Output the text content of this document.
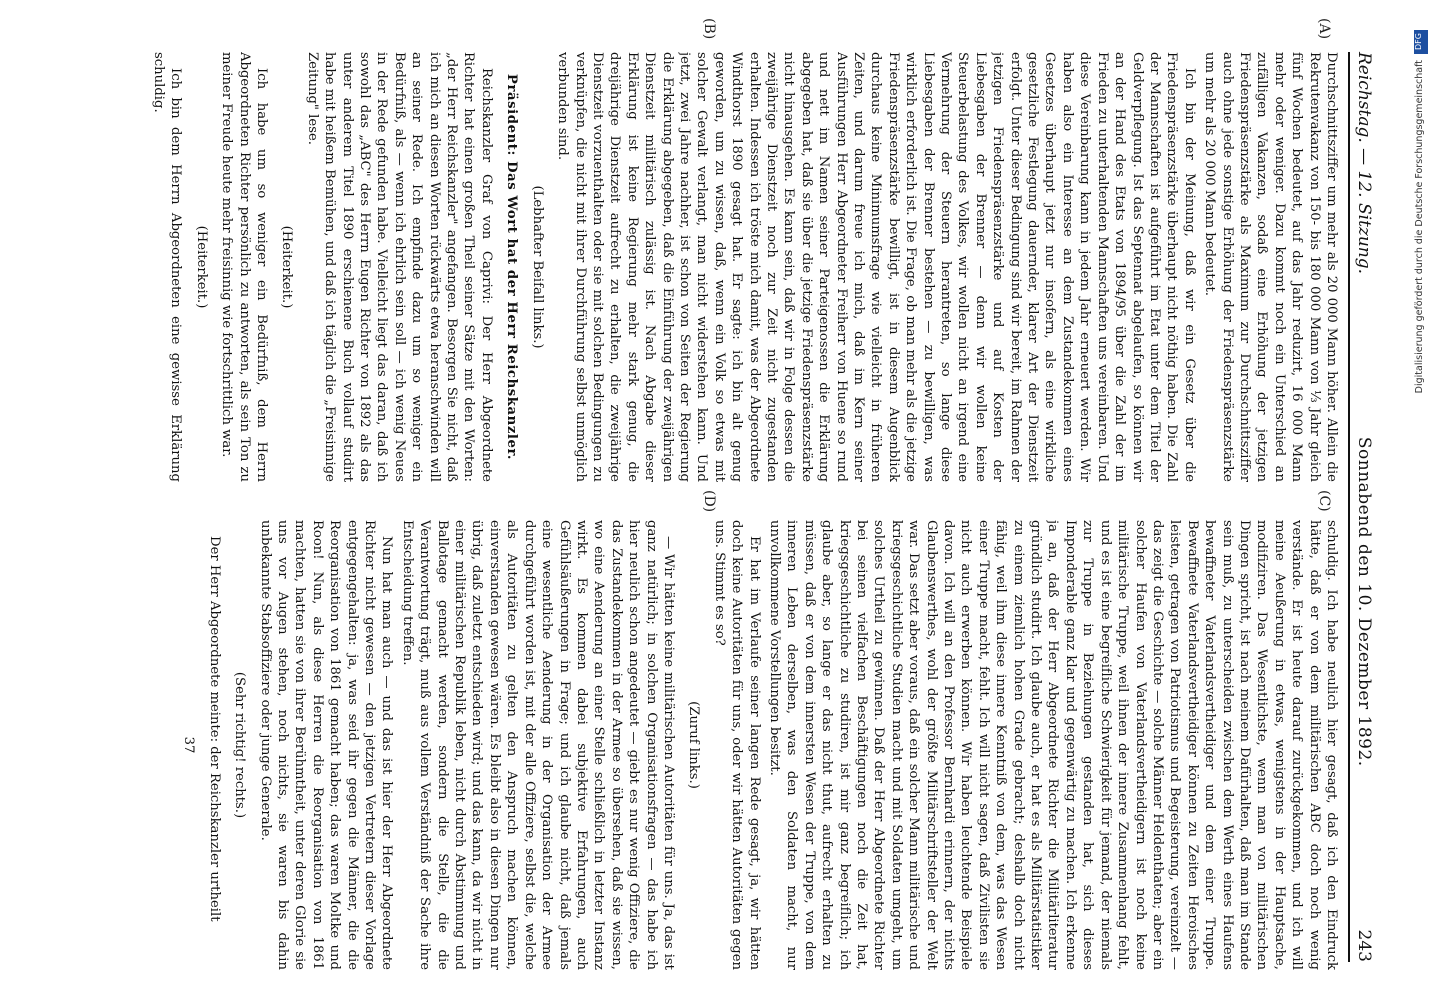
Reichstag. — 12. Sitzung.
Sonnabend den 10. Dezember 1892.
243
(A)
(B)
(C)
(D)

Durchschnittsziffer um mehr als 20 000 Mann höher. Allein die Rekrutenvakanz von 150- bis 180 000 Mann von ⅓ Jahr gleich fünf Wochen bedeutet, auf das Jahr reduzirt, 16 000 Mann mehr oder weniger. Dazu kommt noch ein Unterschied an zufälligen Vakanzen, sodaß eine Erhöhung der jetzigen Friedenspräsenzstärke als Maximum zur Durchschnittsziffer auch ohne jede sonstige Erhöhung der Friedenspräsenzstärke um mehr als 20 000 Mann bedeutet.

Ich bin der Meinung, daß wir ein Gesetz über die Friedenspräsenzstärke überhaupt nicht nöthig haben. Die Zahl der Mannschaften ist aufgeführt im Etat unter dem Titel der Geldverpflegung. Ist das Septennat abgelaufen, so können wir an der Hand des Etats von 1894/95 über die Zahl der im Frieden zu unterhaltenden Mannschaften uns vereinbaren. Und diese Vereinbarung kann in jedem Jahr erneuert werden. Wir haben also ein Interesse an dem Zustandekommen eines Gesetzes überhaupt jetzt nur insofern, als eine wirkliche gesetzliche Festlegung dauernder, klarer Art der Dienstzeit erfolgt. Unter dieser Bedingung sind wir bereit, im Rahmen der jetzigen Friedenspräsenzstärke und auf Kosten der Liebesgaben der Brenner — denn wir wollen keine Steuerbelastung des Volkes, wir wollen nicht an irgend eine Vermehrung der Steuern herantreten, so lange diese Liebesgaben der Brenner bestehen — zu bewilligen, was wirklich erforderlich ist. Die Frage, ob man mehr als die jetzige Friedenspräsenzstärke bewilligt, ist in diesem Augenblick durchaus keine Minimumsfrage wie vielleicht in früheren Zeiten, und darum freue ich mich, daß im Kern seiner Ausführungen Herr Abgeordneter Freiherr von Huene so rund und nett im Namen seiner Parteigenossen die Erklärung abgegeben hat, daß sie über die jetzige Friedenspräsenzstärke nicht hinausgehen. Es kann sein, daß wir in Folge dessen die zweijährige Dienstzeit noch zur Zeit nicht zugestanden erhalten. Indessen ich tröste mich damit, was der Abgeordnete Windthorst 1890 gesagt hat. Er sagte: ich bin alt genug geworden, um zu wissen, daß, wenn ein Volk so etwas mit solcher Gewalt verlangt, man nicht widerstehen kann. Und jetzt, zwei Jahre nachher, ist schon von Seiten der Regierung die Erklärung abgegeben, daß die Einführung der zweijährigen Dienstzeit militärisch zulässig ist. Nach Abgabe dieser Erklärung ist keine Regierung mehr stark genug, die dreijährige Dienstzeit aufrecht zu erhalten, die zweijährige Dienstzeit vorzuenthalten oder sie mit solchen Bedingungen zu verknüpfen, die nicht mit ihrer Durchführung selbst unmöglich verbunden sind.

(Lebhafter Beifall links.)

Präsident: Das Wort hat der Herr Reichskanzler.

Reichskanzler Graf von Caprivi: Der Herr Abgeordnete Richter hat einen großen Theil seiner Sätze mit den Worten: „der Herr Reichskanzler" angefangen. Besorgen Sie nicht, daß ich mich an diesen Worten rückwärts etwa heranschwinden will an seiner Rede. Ich empfinde dazu um so weniger ein Bedürfniß, als — wenn ich ehrlich sein soll — ich wenig Neues in der Rede gefunden habe. Vielleicht liegt das daran, daß ich sowohl das „ABC" des Herrn Eugen Richter von 1892 als das unter anderem Titel 1890 erschienene Buch vollauf studirt habe mit heißem Bemühen, und daß ich täglich die „Freisinnige Zeitung" lese.

(Heiterkeit.)

Ich habe um so weniger ein Bedürfniß, dem Herrn Abgeordneten Richter persönlich zu antworten, als sein Ton zu meiner Freude heute mehr freisinnig wie fortschrittlich war.

(Heiterkeit.)

Ich bin dem Herrn Abgeordneten eine gewisse Erklärung schuldig.

schuldig. Ich habe neulich hier gesagt, daß ich den Eindruck hätte, daß er von dem militärischen ABC doch noch wenig verstände. Er ist heute darauf zurückgekommen, und ich will meine Aeußerung in etwas, wenigstens in der Hauptsache, modifiziren. Das Wesentlichste, wenn man von militärischen Dingen spricht, ist nach meinem Dafürhalten, daß man im Stande sein muß, zu unterscheiden zwischen dem Werth eines Haufens bewaffneter Vaterlandsvertheidiger und dem einer Truppe. Bewaffnete Vaterlandsvertheidiger können zu Zeiten Heroisches leisten, getragen von Patriotismus und Begeisterung, vereinzelt — das zeigt die Geschichte — solche Männer Heldenthaten; aber ein solcher Haufen von Vaterlandsvertheidigern ist noch keine militärische Truppe, weil ihnen der innere Zusammenhang fehlt, und es ist eine begreifliche Schwierigkeit für jemand, der niemals zur Truppe in Beziehungen gestanden hat, sich dieses Imponderable ganz klar und gegenwärtig zu machen. Ich erkenne ja an, daß der Herr Abgeordnete Richter die Militärliteratur gründlich studirt. Ich glaube auch, er hat es als Militärstatistiker zu einem ziemlich hohen Grade gebracht; deshalb doch nicht fähig, weil ihm diese innere Kenntniß von dem, was das Wesen einer Truppe macht, fehlt. Ich will nicht sagen, daß Zivilisten sie nicht auch erwerben können. Wir haben leuchtende Beispiele davon. Ich will an den Professor Bernhardi erinnern, der nichts Glaubenswerthes, wohl der größte Militärschriftsteller der Welt war. Das setzt aber voraus, daß ein solcher Mann militärische und kriegsgeschichtliche Studien macht und mit Soldaten umgeht, um solches Urtheil zu gewinnen. Daß der Herr Abgeordnete Richter bei seinen vielfachen Beschäftigungen noch die Zeit hat, kriegsgeschichtliche zu studiren, ist mir ganz begreiflich; ich glaube aber, so lange er das nicht thut, aufrecht erhalten zu müssen, daß er von dem innersten Wesen der Truppe, von dem inneren Leben derselben, was den Soldaten macht, nur unvollkommene Vorstellungen besitzt.

Er hat im Verlaufe seiner langen Rede gesagt, ja, wir hätten doch keine Autoritäten für uns, oder wir hätten Autoritäten gegen uns. Stimmt es so?

(Zuruf links.)

— Wir hätten keine militärischen Autoritäten für uns. Ja, das ist ganz natürlich; in solchen Organisationsfragen — das habe ich hier neulich schon angedeutet — giebt es nur wenig Offiziere, die das Zustandekommen in der Armee so übersehen, daß sie wissen, wo eine Aenderung an einer Stelle schließlich in letzter Instanz wirkt. Es kommen dabei subjektive Erfahrungen, auch Gefühlsäußerungen in Frage; und ich glaube nicht, daß jemals eine wesentliche Aenderung in der Organisation der Armee durchgeführt worden ist, mit der alle Offiziere, selbst die, welche als Autoritäten zu gelten den Anspruch machen können, einverstanden gewesen wären. Es bleibt also in diesen Dingen nur übrig, daß zuletzt entschieden wird; und das kann, da wir nicht in einer militärischen Republik leben, nicht durch Abstimmung und Ballotage gemacht werden, sondern die Stelle, die die Verantwortung trägt, muß aus vollem Verständniß der Sache ihre Entscheidung treffen.

Nun hat man auch — und das ist hier der Herr Abgeordnete Richter nicht gewesen — den jetzigen Vertretern dieser Vorlage entgegengehalten: ja, was seid ihr gegen die Männer, die die Reorganisation von 1861 gemacht haben; das waren Moltke und Roon! Nun, als diese Herren die Reorganisation von 1861 machten, hatten sie von ihrer Berühmtheit, unter deren Glorie sie uns vor Augen stehen, noch nichts, sie waren bis dahin unbekannte Stabsoffiziere oder junge Generale.

(Sehr richtig! rechts.)

Der Herr Abgeordnete meinte: der Reichskanzler urtheilt

37

DFG
Digitalisierung gefördert durch die Deutsche Forschungsgemeinschaft
